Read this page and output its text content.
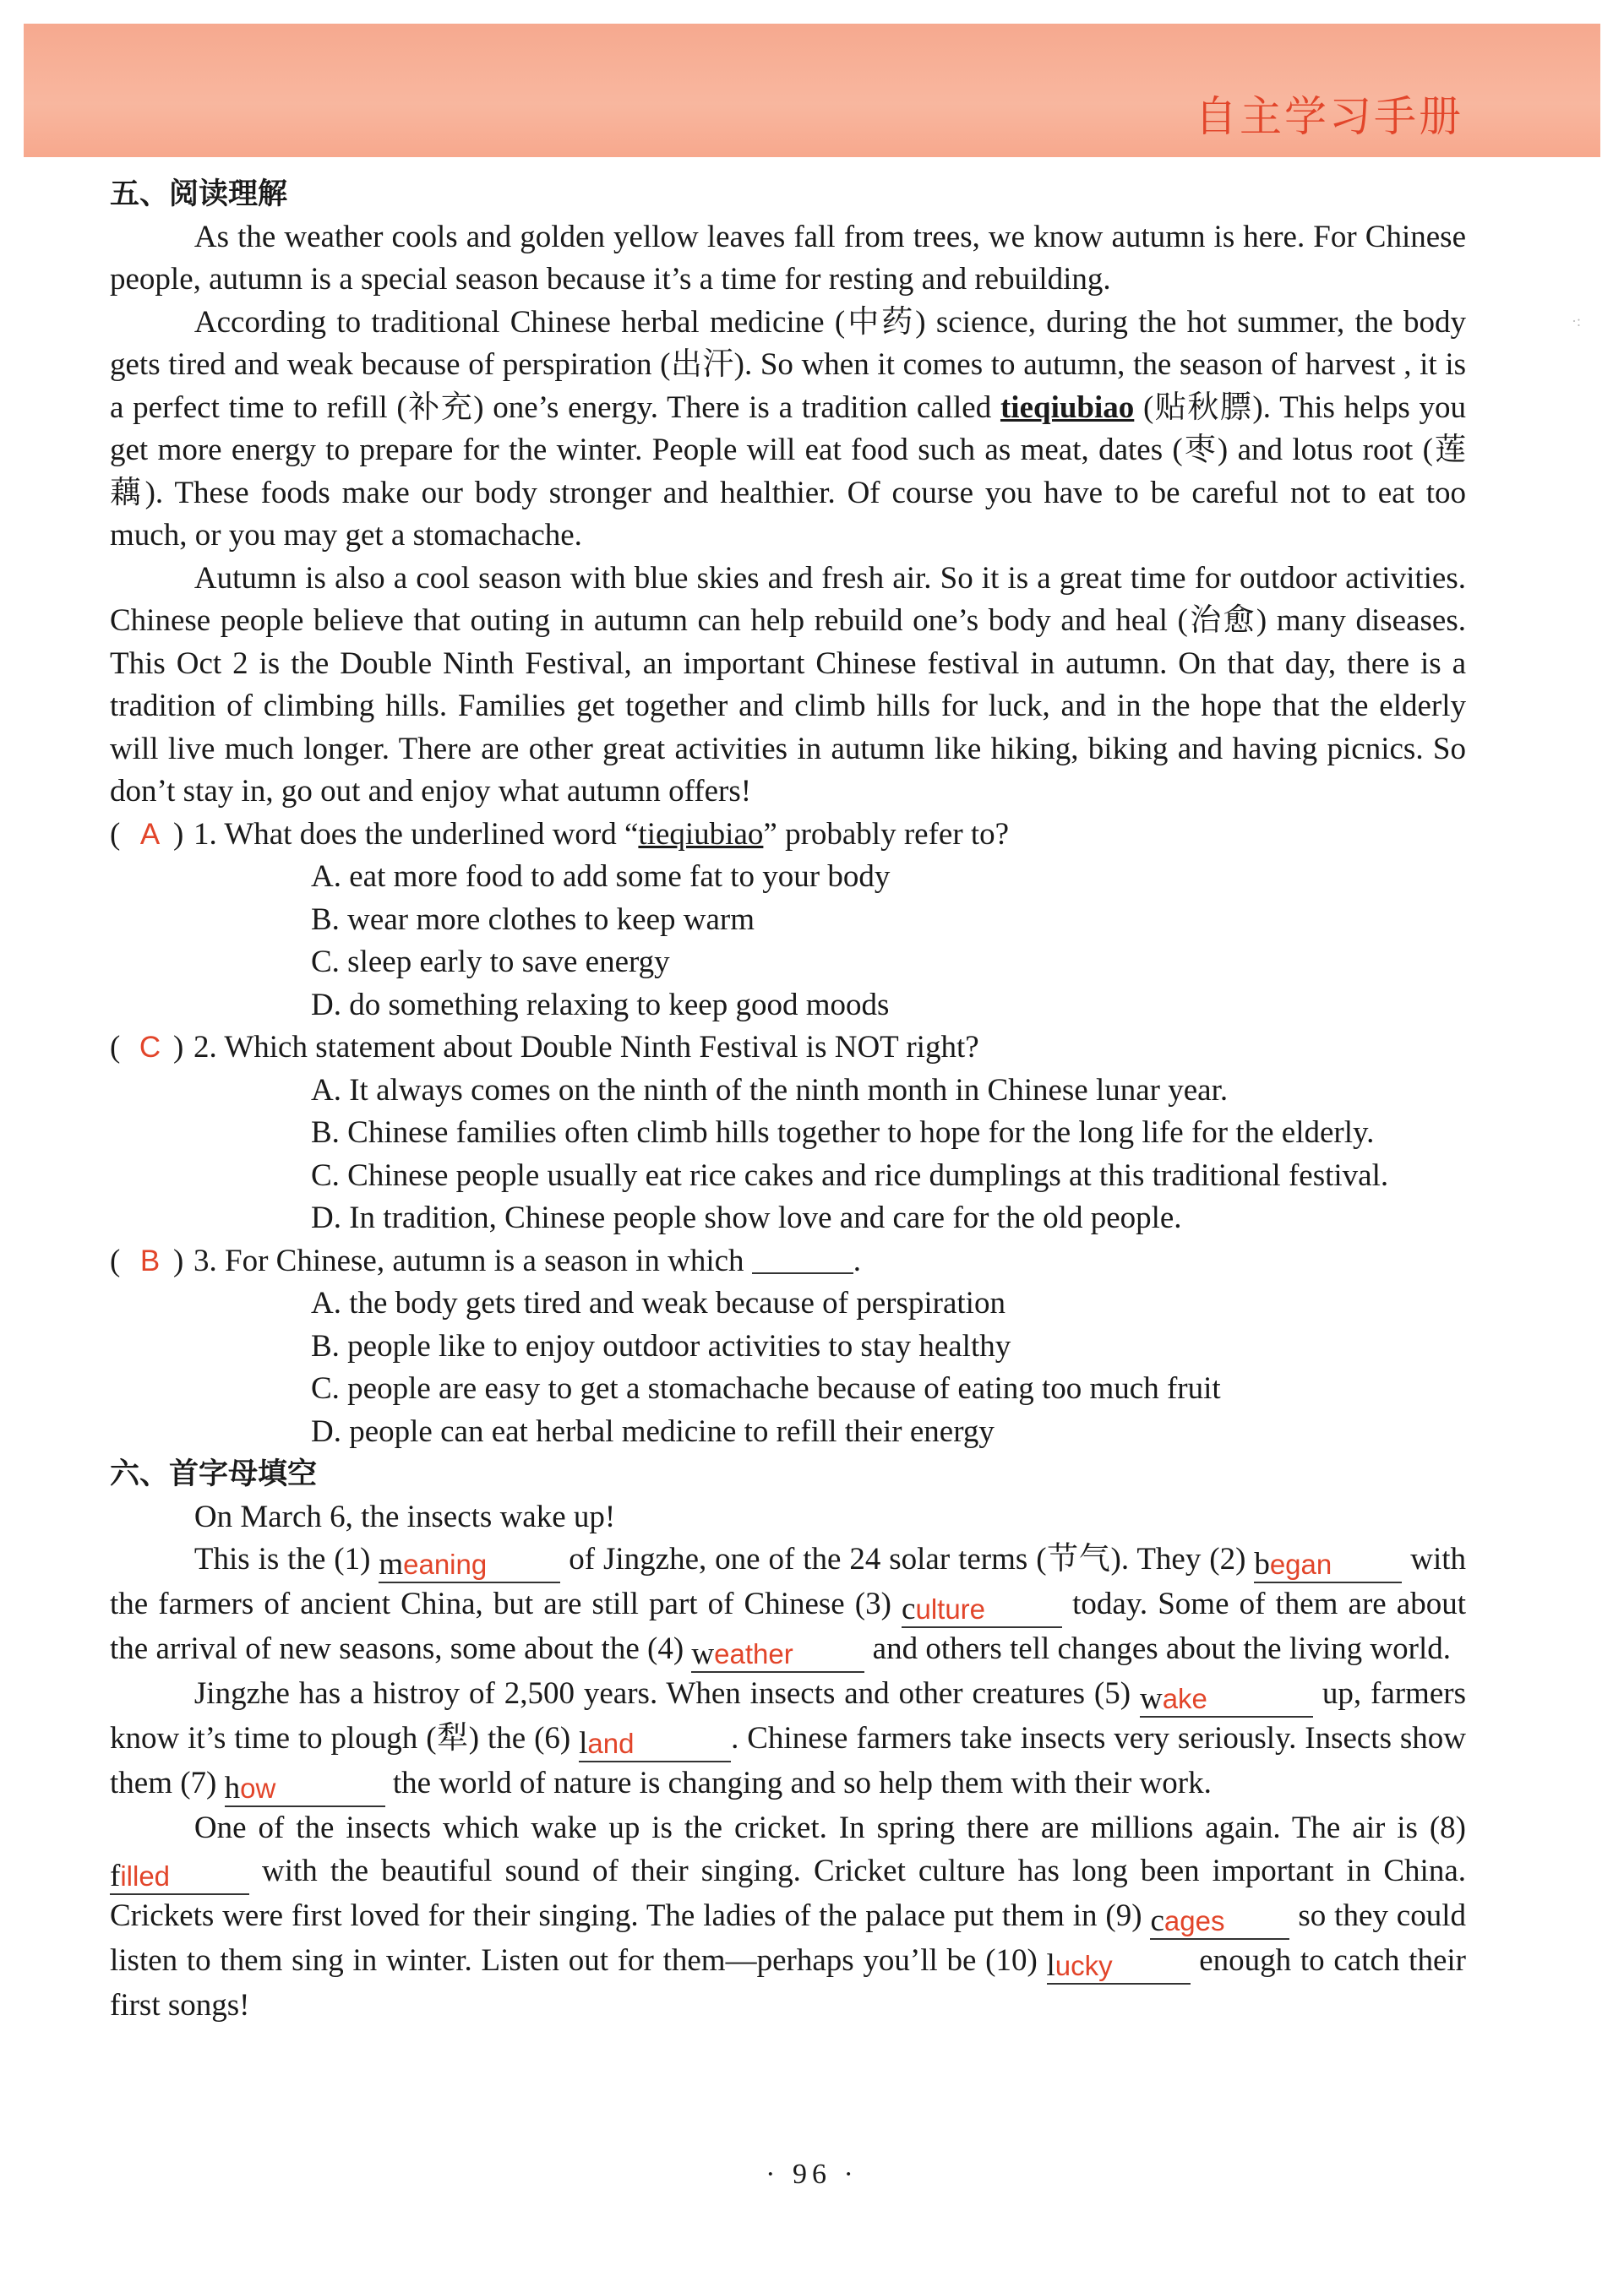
自主学习手册
·:
五、阅读理解

As the weather cools and golden yellow leaves fall from trees, we know autumn is here. For Chinese people, autumn is a special season because it’s a time for resting and rebuilding.

According to traditional Chinese herbal medicine (中药) science, during the hot summer, the body gets tired and weak because of perspiration (出汗). So when it comes to autumn, the season of harvest , it is a perfect time to refill (补充) one’s energy. There is a tradition called tieqiubiao (贴秋膘). This helps you get more energy to prepare for the winter. People will eat food such as meat, dates (枣) and lotus root (莲藕). These foods make our body stronger and healthier. Of course you have to be careful not to eat too much, or you may get a stomachache.

Autumn is also a cool season with blue skies and fresh air. So it is a great time for outdoor activities. Chinese people believe that outing in autumn can help rebuild one’s body and heal (治愈) many diseases. This Oct 2 is the Double Ninth Festival, an important Chinese festival in autumn. On that day, there is a tradition of climbing hills. Families get together and climb hills for luck, and in the hope that the elderly will live much longer. There are other great activities in autumn like hiking, biking and having picnics. So don’t stay in, go out and enjoy what autumn offers!

( A ) 1. What does the underlined word “tieqiubiao” probably refer to?
A. eat more food to add some fat to your body
B. wear more clothes to keep warm
C. sleep early to save energy
D. do something relaxing to keep good moods
( C ) 2. Which statement about Double Ninth Festival is NOT right?
A. It always comes on the ninth of the ninth month in Chinese lunar year.
B. Chinese families often climb hills together to hope for the long life for the elderly.
C. Chinese people usually eat rice cakes and rice dumplings at this traditional festival.
D. In tradition, Chinese people show love and care for the old people.
( B ) 3. For Chinese, autumn is a season in which	.
A. the body gets tired and weak because of perspiration
B. people like to enjoy outdoor activities to stay healthy
C. people are easy to get a stomachache because of eating too much fruit
D. people can eat herbal medicine to refill their energy
六、首字母填空

On March 6, the insects wake up!

This is the (1) meaning of Jingzhe, one of the 24 solar terms (节气). They (2) began with the farmers of ancient China, but are still part of Chinese (3) culture today. Some of them are about the arrival of new seasons, some about the (4) weather and others tell changes about the living world.

Jingzhe has a histroy of 2,500 years. When insects and other creatures (5) wake	up, farmers know it’s time to plough (犁) the (6) land	. Chinese farmers take insects very seriously. Insects show them (7) how	the world of nature is changing and so help them with their work.

One of the insects which wake up is the cricket. In spring there are millions again. The air is (8) filled	with the beautiful sound of their singing. Cricket culture has long been important in China. Crickets were first loved for their singing. The ladies of the palace put them in (9) cages so they could listen to them sing in winter. Listen out for them—perhaps you’ll be (10) lucky enough to catch their first songs!

· 96 ·
